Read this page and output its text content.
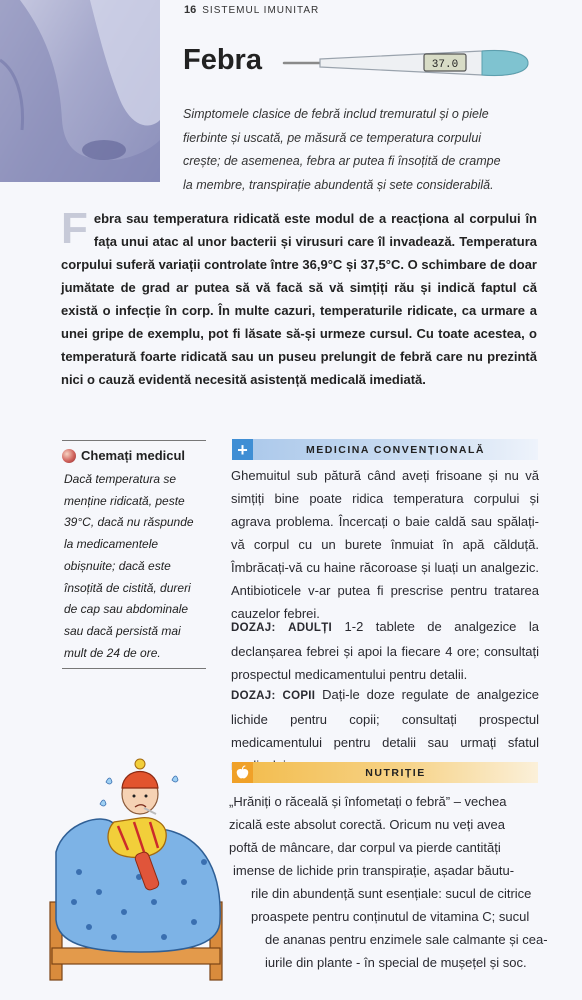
16 SISTEMUL IMUNITAR
Febra	37.0
Simptomele clasice de febră includ tremuratul și o piele
fierbinte și uscată, pe măsură ce temperatura corpului
crește; de asemenea, febra ar putea fi însoțită de crampe
la membre, transpirație abundentă și sete considerabilă.
Febra sau temperatura ridicată este modul de a reacționa al corpului în fața unui atac al unor bacterii și virusuri care îl invadează. Temperatura corpului suferă variații controlate între 36,9°C și 37,5°C. O schimbare de doar jumătate de grad ar putea să vă facă să vă simțiți rău și indică faptul că există o infecție în corp. În multe cazuri, temperaturile ridicate, ca urmare a unei gripe de exemplu, pot fi lăsate să-și urmeze cursul. Cu toate acestea, o temperatură foarte ridicată sau un puseu prelungit de febră care nu prezintă nici o cauză evidentă necesită asistență medicală imediată.
Chemați medicul
Dacă temperatura se
menține ridicată, peste
39°C, dacă nu răspunde
la medicamentele
obișnuite; dacă este
însoțită de cistită, dureri
de cap sau abdominale
sau dacă persistă mai
mult de 24 de ore.
+	MEDICINA CONVENȚIONALĂ
Ghemuitul sub pătură când aveți frisoane și nu vă simțiți bine poate ridica temperatura corpului și agrava problema. Încercați o baie caldă sau spălați-vă corpul cu un burete înmuiat în apă călduță. Îmbrăcați-vă cu haine răcoroase și luați un analgezic. Antibioticele v-ar putea fi prescrise pentru tratarea cauzelor febrei.
DOZAJ: ADULȚI 1-2 tablete de analgezice la declanșarea febrei și apoi la fiecare 4 ore; consultați prospectul medicamentului pentru detalii.
DOZAJ: COPII Dați-le doze regulate de analgezice lichide pentru copii; consultați prospectul medicamentului pentru detalii sau urmați sfatul
NUTRIȚIE
„Hrăniți o răceală și înfometați o febră” – vechea
zicală este absolut corectă. Oricum nu veți avea
poftă de mâncare, dar corpul va pierde cantități
imense de lichide prin transpirație, așadar băutu-
rile din abundență sunt esențiale: sucul de citrice
proaspete pentru conținutul de vitamina C; sucul
de ananas pentru enzimele sale calmante și cea-
iurile din plante - în special de mușețel și soc.
